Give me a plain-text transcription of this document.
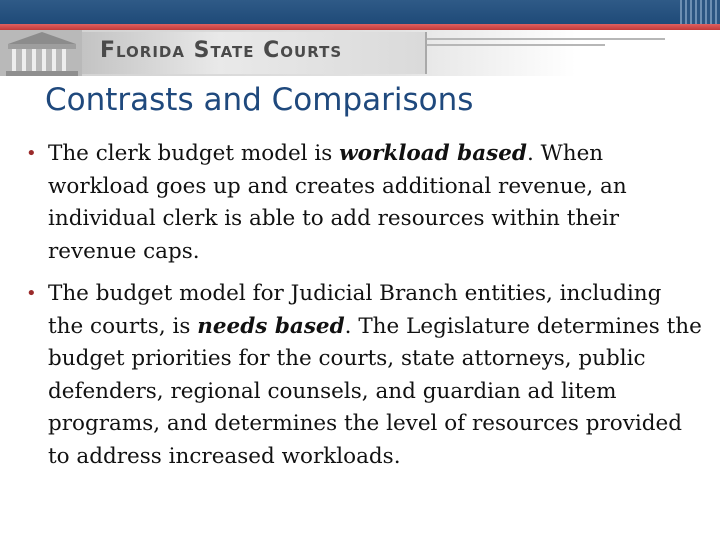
Florida State Courts
Contrasts and Comparisons
• The clerk budget model is workload based. When workload goes up and creates additional revenue, an individual clerk is able to add resources within their revenue caps.
• The budget model for Judicial Branch entities, including the courts, is needs based. The Legislature determines the budget priorities for the courts, state attorneys, public defenders, regional counsels, and guardian ad litem programs, and determines the level of resources provided to address increased workloads.
